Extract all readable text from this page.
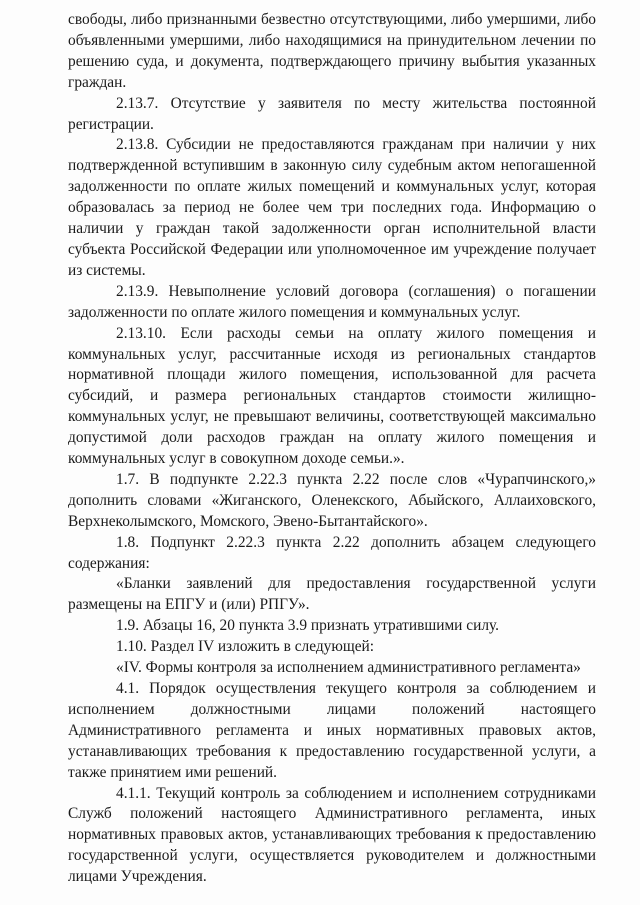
свободы, либо признанными безвестно отсутствующими, либо умершими, либо объявленными умершими, либо находящимися на принудительном лечении по решению суда, и документа, подтверждающего причину выбытия указанных граждан.

2.13.7. Отсутствие у заявителя по месту жительства постоянной регистрации.

2.13.8. Субсидии не предоставляются гражданам при наличии у них подтвержденной вступившим в законную силу судебным актом непогашенной задолженности по оплате жилых помещений и коммунальных услуг, которая образовалась за период не более чем три последних года. Информацию о наличии у граждан такой задолженности орган исполнительной власти субъекта Российской Федерации или уполномоченное им учреждение получает из системы.

2.13.9. Невыполнение условий договора (соглашения) о погашении задолженности по оплате жилого помещения и коммунальных услуг.

2.13.10. Если расходы семьи на оплату жилого помещения и коммунальных услуг, рассчитанные исходя из региональных стандартов нормативной площади жилого помещения, использованной для расчета субсидий, и размера региональных стандартов стоимости жилищно-коммунальных услуг, не превышают величины, соответствующей максимально допустимой доли расходов граждан на оплату жилого помещения и коммунальных услуг в совокупном доходе семьи.».

1.7. В подпункте 2.22.3 пункта 2.22 после слов «Чурапчинского,» дополнить словами «Жиганского, Оленекского, Абыйского, Аллаиховского, Верхнеколымского, Момского, Эвено-Бытантайского».

1.8. Подпункт 2.22.3 пункта 2.22 дополнить абзацем следующего содержания:

«Бланки заявлений для предоставления государственной услуги размещены на ЕПГУ и (или) РПГУ».

1.9. Абзацы 16, 20 пункта 3.9 признать утратившими силу.

1.10. Раздел IV изложить в следующей:

«IV. Формы контроля за исполнением административного регламента»

4.1. Порядок осуществления текущего контроля за соблюдением и исполнением должностными лицами положений настоящего Административного регламента и иных нормативных правовых актов, устанавливающих требования к предоставлению государственной услуги, а также принятием ими решений.

4.1.1. Текущий контроль за соблюдением и исполнением сотрудниками Служб положений настоящего Административного регламента, иных нормативных правовых актов, устанавливающих требования к предоставлению государственной услуги, осуществляется руководителем и должностными лицами Учреждения.
